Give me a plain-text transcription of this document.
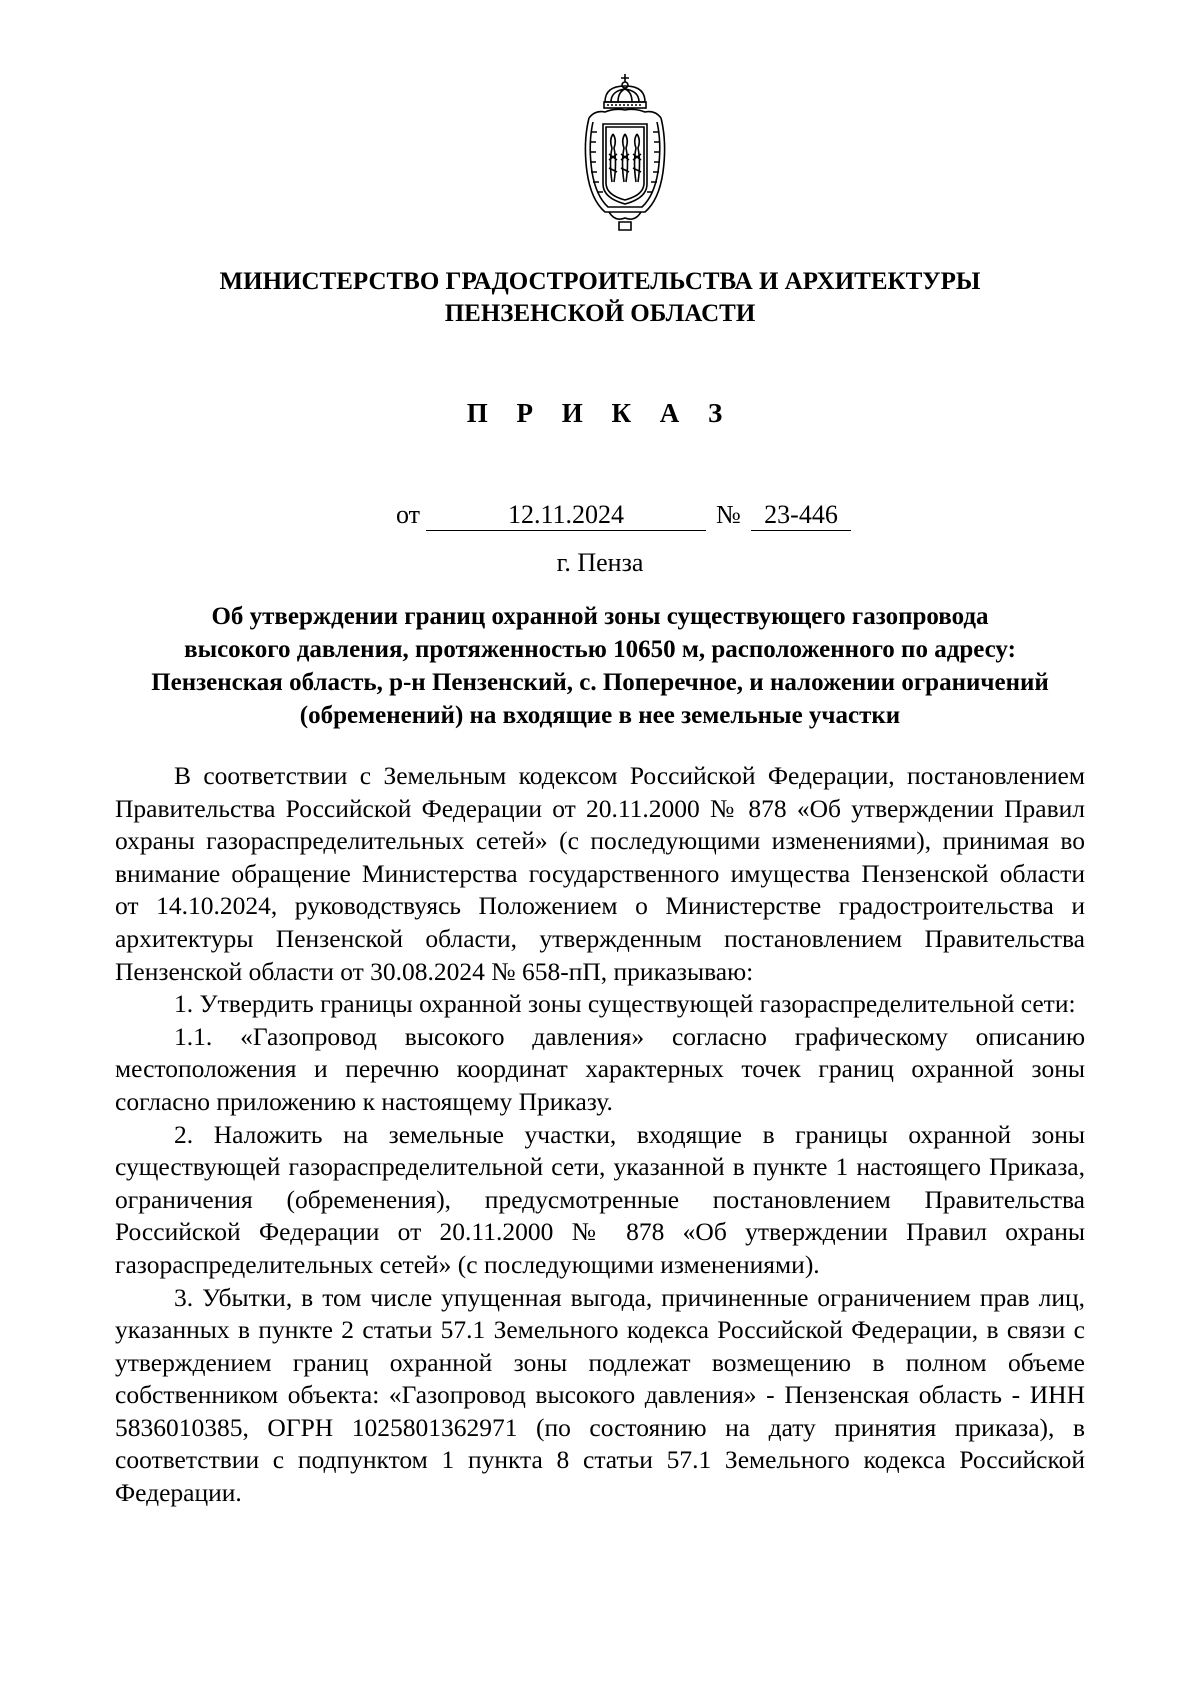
МИНИСТЕРСТВО ГРАДОСТРОИТЕЛЬСТВА И АРХИТЕКТУРЫ
ПЕНЗЕНСКОЙ ОБЛАСТИ
П Р И К А З
от	12.11.2024	№ 23-446
г. Пенза
Об утверждении границ охранной зоны существующего газопровода
высокого давления, протяженностью 10650 м, расположенного по адресу:
Пензенская область, р-н Пензенский, с. Поперечное, и наложении ограничений
(обременений) на входящие в нее земельные участки

В соответствии с Земельным кодексом Российской Федерации, постановлением Правительства Российской Федерации от 20.11.2000 № 878 «Об утверждении Правил охраны газораспределительных сетей» (с последующими изменениями), принимая во внимание обращение Министерства государственного имущества Пензенской области от 14.10.2024, руководствуясь Положением о Министерстве градостроительства и архитектуры Пензенской области, утвержденным постановлением Правительства Пензенской области от 30.08.2024 № 658-пП, приказываю:

1. Утвердить границы охранной зоны существующей газораспределительной сети:

1.1. «Газопровод высокого давления» согласно графическому описанию местоположения и перечню координат характерных точек границ охранной зоны согласно приложению к настоящему Приказу.

2. Наложить на земельные участки, входящие в границы охранной зоны существующей газораспределительной сети, указанной в пункте 1 настоящего Приказа, ограничения (обременения), предусмотренные постановлением Правительства Российской Федерации от 20.11.2000 № 878 «Об утверждении Правил охраны газораспределительных сетей» (с последующими изменениями).

3. Убытки, в том числе упущенная выгода, причиненные ограничением прав лиц, указанных в пункте 2 статьи 57.1 Земельного кодекса Российской Федерации, в связи с утверждением границ охранной зоны подлежат возмещению в полном объеме собственником объекта: «Газопровод высокого давления» - Пензенская область - ИНН 5836010385, ОГРН 1025801362971 (по состоянию на дату принятия приказа), в соответствии с подпунктом 1 пункта 8 статьи 57.1 Земельного кодекса Российской Федерации.
